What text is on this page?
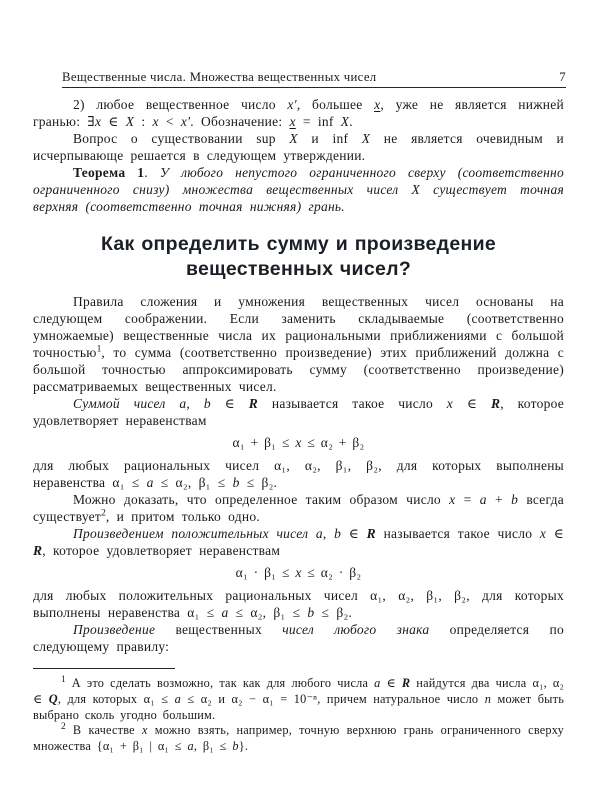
Вещественные числа. Множества вещественных чисел	7
2) любое вещественное число x′, большее x, уже не является нижней гранью: ∃x ∈ X : x < x′. Обозначение: x = inf X.
Вопрос о существовании sup X и inf X не является очевидным и исчерпывающе решается в следующем утверждении.
Теорема 1. У любого непустого ограниченного сверху (соответственно ограниченного снизу) множества вещественных чисел X существует точная верхняя (соответственно точная нижняя) грань.
Как определить сумму и произведение
вещественных чисел?
Правила сложения и умножения вещественных чисел основаны на следующем соображении. Если заменить складываемые (соответственно умножаемые) вещественные числа их рациональными приближениями с большой точностью$^1$, то сумма (соответственно произведение) этих приближений должна с большой точностью аппроксимировать сумму (соответственно произведение) рассматриваемых вещественных чисел.
Суммой чисел a, b ∈ R называется такое число x ∈ R, которое удовлетворяет неравенствам
α₁ + β₁ ≤ x ≤ α₂ + β₂
для любых рациональных чисел α₁, α₂, β₁, β₂, для которых выполнены неравенства α₁ ≤ a ≤ α₂, β₁ ≤ b ≤ β₂.
Можно доказать, что определенное таким образом число x = a + b всегда существует$^2$, и притом только одно.
Произведением положительных чисел a, b ∈ R называется такое число x ∈ R, которое удовлетворяет неравенствам
α₁ · β₁ ≤ x ≤ α₂ · β₂
для любых положительных рациональных чисел α₁, α₂, β₁, β₂, для которых выполнены неравенства α₁ ≤ a ≤ α₂, β₁ ≤ b ≤ β₂.
Произведение вещественных чисел любого знака определяется по следующему правилу:
$^1$ А это сделать возможно, так как для любого числа a ∈ R найдутся два числа α₁, α₂ ∈ Q, для которых α₁ ≤ a ≤ α₂ и α₂ − α₁ = 10⁻ⁿ, причем натуральное число n может быть выбрано сколь угодно большим.
$^2$ В качестве x можно взять, например, точную верхнюю грань ограниченного сверху множества {α₁ + β₁ | α₁ ≤ a, β₁ ≤ b}.
